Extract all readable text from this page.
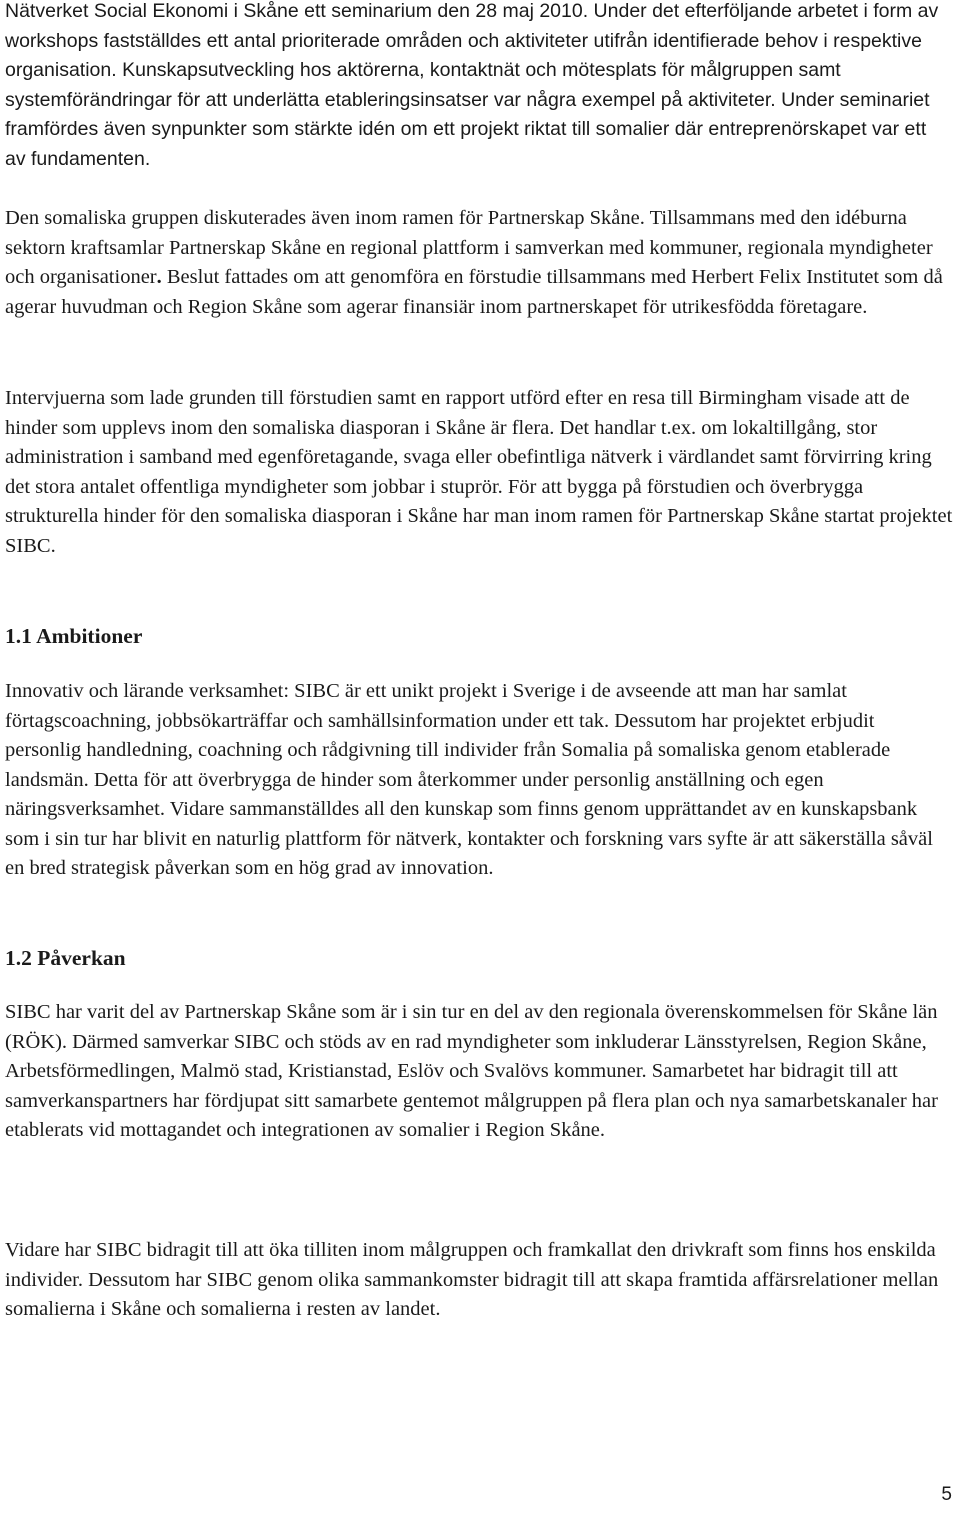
Nätverket Social Ekonomi i Skåne ett seminarium den 28 maj 2010. Under det efterföljande arbetet i form av workshops fastställdes ett antal prioriterade områden och aktiviteter utifrån identifierade behov i respektive organisation. Kunskapsutveckling hos aktörerna, kontaktnät och mötesplats för målgruppen samt systemförändringar för att underlätta etableringsinsatser var några exempel på aktiviteter. Under seminariet framfördes även synpunkter som stärkte idén om ett projekt riktat till somalier där entreprenörskapet var ett av fundamenten.

Den somaliska gruppen diskuterades även inom ramen för Partnerskap Skåne. Tillsammans med den idéburna sektorn kraftsamlar Partnerskap Skåne en regional plattform i samverkan med kommuner, regionala myndigheter och organisationer. Beslut fattades om att genomföra en förstudie tillsammans med Herbert Felix Institutet som då agerar huvudman och Region Skåne som agerar finansiär inom partnerskapet för utrikesfödda företagare.

Intervjuerna som lade grunden till förstudien samt en rapport utförd efter en resa till Birmingham visade att de hinder som upplevs inom den somaliska diasporan i Skåne är flera. Det handlar t.ex. om lokaltillgång, stor administration i samband med egenföretagande, svaga eller obefintliga nätverk i värdlandet samt förvirring kring det stora antalet offentliga myndigheter som jobbar i stuprör. För att bygga på förstudien och överbrygga strukturella hinder för den somaliska diasporan i Skåne har man inom ramen för Partnerskap Skåne startat projektet SIBC.

1.1 Ambitioner

Innovativ och lärande verksamhet: SIBC är ett unikt projekt i Sverige i de avseende att man har samlat förtagscoachning, jobbsökarträffar och samhällsinformation under ett tak. Dessutom har projektet erbjudit personlig handledning, coachning och rådgivning till individer från Somalia på somaliska genom etablerade landsmän. Detta för att överbrygga de hinder som återkommer under personlig anställning och egen näringsverksamhet. Vidare sammanställdes all den kunskap som finns genom upprättandet av en kunskapsbank som i sin tur har blivit en naturlig plattform för nätverk, kontakter och forskning vars syfte är att säkerställa såväl en bred strategisk påverkan som en hög grad av innovation.

1.2 Påverkan

SIBC har varit del av Partnerskap Skåne som är i sin tur en del av den regionala överenskommelsen för Skåne län (RÖK). Därmed samverkar SIBC och stöds av en rad myndigheter som inkluderar Länsstyrelsen, Region Skåne, Arbetsförmedlingen, Malmö stad, Kristianstad, Eslöv och Svalövs kommuner. Samarbetet har bidragit till att samverkanspartners har fördjupat sitt samarbete gentemot målgruppen på flera plan och nya samarbetskanaler har etablerats vid mottagandet och integrationen av somalier i Region Skåne.

Vidare har SIBC bidragit till att öka tilliten inom målgruppen och framkallat den drivkraft som finns hos enskilda individer. Dessutom har SIBC genom olika sammankomster bidragit till att skapa framtida affärsrelationer mellan somalierna i Skåne och somalierna i resten av landet.

5
